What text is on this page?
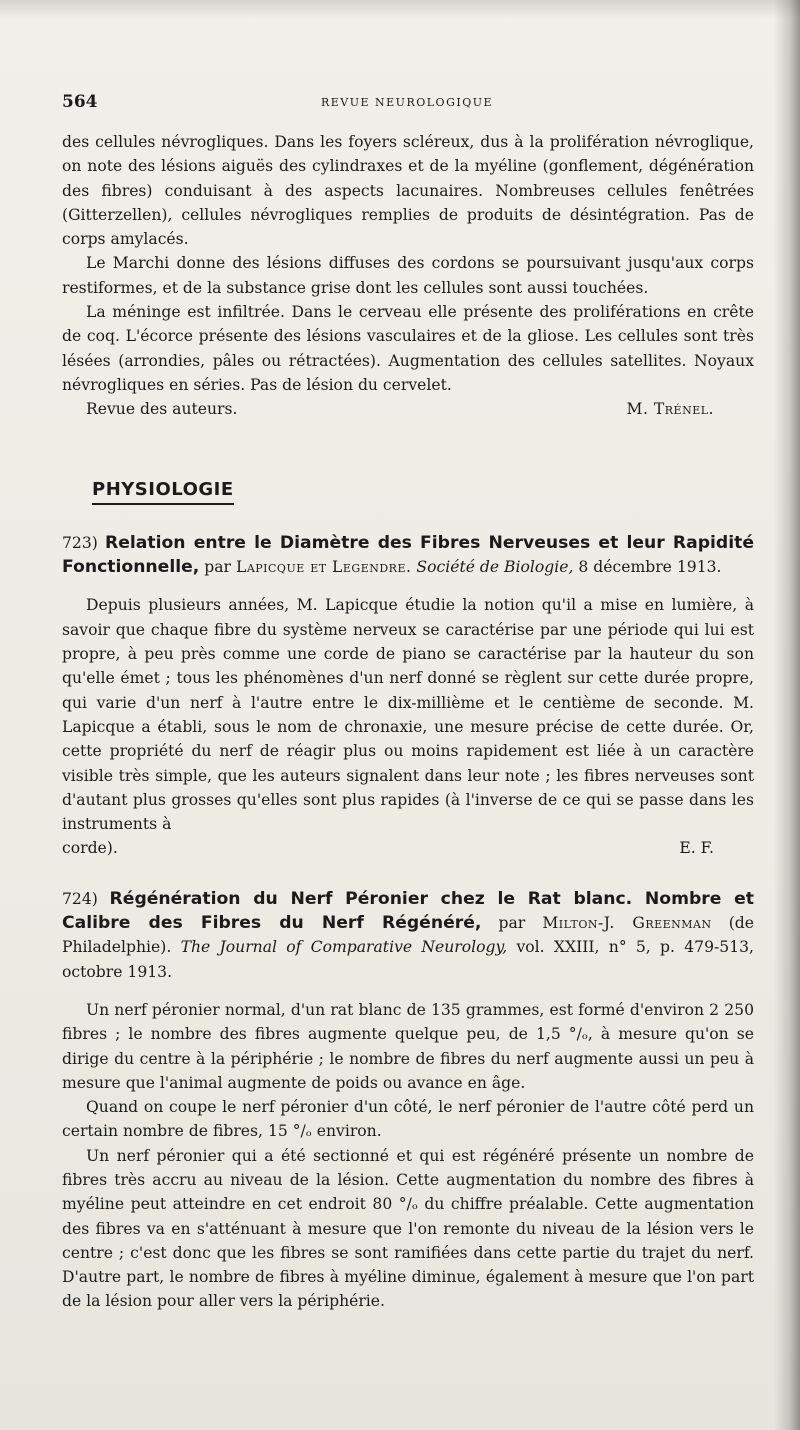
564	REVUE NEUROLOGIQUE

des cellules névrogliques. Dans les foyers scléreux, dus à la prolifération névroglique, on note des lésions aiguës des cylindraxes et de la myéline (gonflement, dégénération des fibres) conduisant à des aspects lacunaires. Nombreuses cellules fenêtrées (Gitterzellen), cellules névrogliques remplies de produits de désintégration. Pas de corps amylacés.

Le Marchi donne des lésions diffuses des cordons se poursuivant jusqu'aux corps restiformes, et de la substance grise dont les cellules sont aussi touchées.

La méninge est infiltrée. Dans le cerveau elle présente des proliférations en crête de coq. L'écorce présente des lésions vasculaires et de la gliose. Les cellules sont très lésées (arrondies, pâles ou rétractées). Augmentation des cellules satellites. Noyaux névrogliques en séries. Pas de lésion du cervelet.

Revue des auteurs.	M. Trénel.
PHYSIOLOGIE

723) Relation entre le Diamètre des Fibres Nerveuses et leur Rapidité Fonctionnelle, par Lapicque et Legendre. Société de Biologie, 8 décembre 1913.

Depuis plusieurs années, M. Lapicque étudie la notion qu'il a mise en lumière, à savoir que chaque fibre du système nerveux se caractérise par une période qui lui est propre, à peu près comme une corde de piano se caractérise par la hauteur du son qu'elle émet ; tous les phénomènes d'un nerf donné se règlent sur cette durée propre, qui varie d'un nerf à l'autre entre le dix-millième et le centième de seconde. M. Lapicque a établi, sous le nom de chronaxie, une mesure précise de cette durée. Or, cette propriété du nerf de réagir plus ou moins rapidement est liée à un caractère visible très simple, que les auteurs signalent dans leur note ; les fibres nerveuses sont d'autant plus grosses qu'elles sont plus rapides (à l'inverse de ce qui se passe dans les instruments à

corde).	E. F.

724) Régénération du Nerf Péronier chez le Rat blanc. Nombre et Calibre des Fibres du Nerf Régénéré, par Milton-J. Greenman (de Philadelphie). The Journal of Comparative Neurology, vol. XXIII, n° 5, p. 479-513, octobre 1913.

Un nerf péronier normal, d'un rat blanc de 135 grammes, est formé d'environ 2 250 fibres ; le nombre des fibres augmente quelque peu, de 1,5 °/ₒ, à mesure qu'on se dirige du centre à la périphérie ; le nombre de fibres du nerf augmente aussi un peu à mesure que l'animal augmente de poids ou avance en âge.

Quand on coupe le nerf péronier d'un côté, le nerf péronier de l'autre côté perd un certain nombre de fibres, 15 °/ₒ environ.

Un nerf péronier qui a été sectionné et qui est régénéré présente un nombre de fibres très accru au niveau de la lésion. Cette augmentation du nombre des fibres à myéline peut atteindre en cet endroit 80 °/ₒ du chiffre préalable. Cette augmentation des fibres va en s'atténuant à mesure que l'on remonte du niveau de la lésion vers le centre ; c'est donc que les fibres se sont ramifiées dans cette partie du trajet du nerf. D'autre part, le nombre de fibres à myéline diminue, également à mesure que l'on part de la lésion pour aller vers la périphérie.
